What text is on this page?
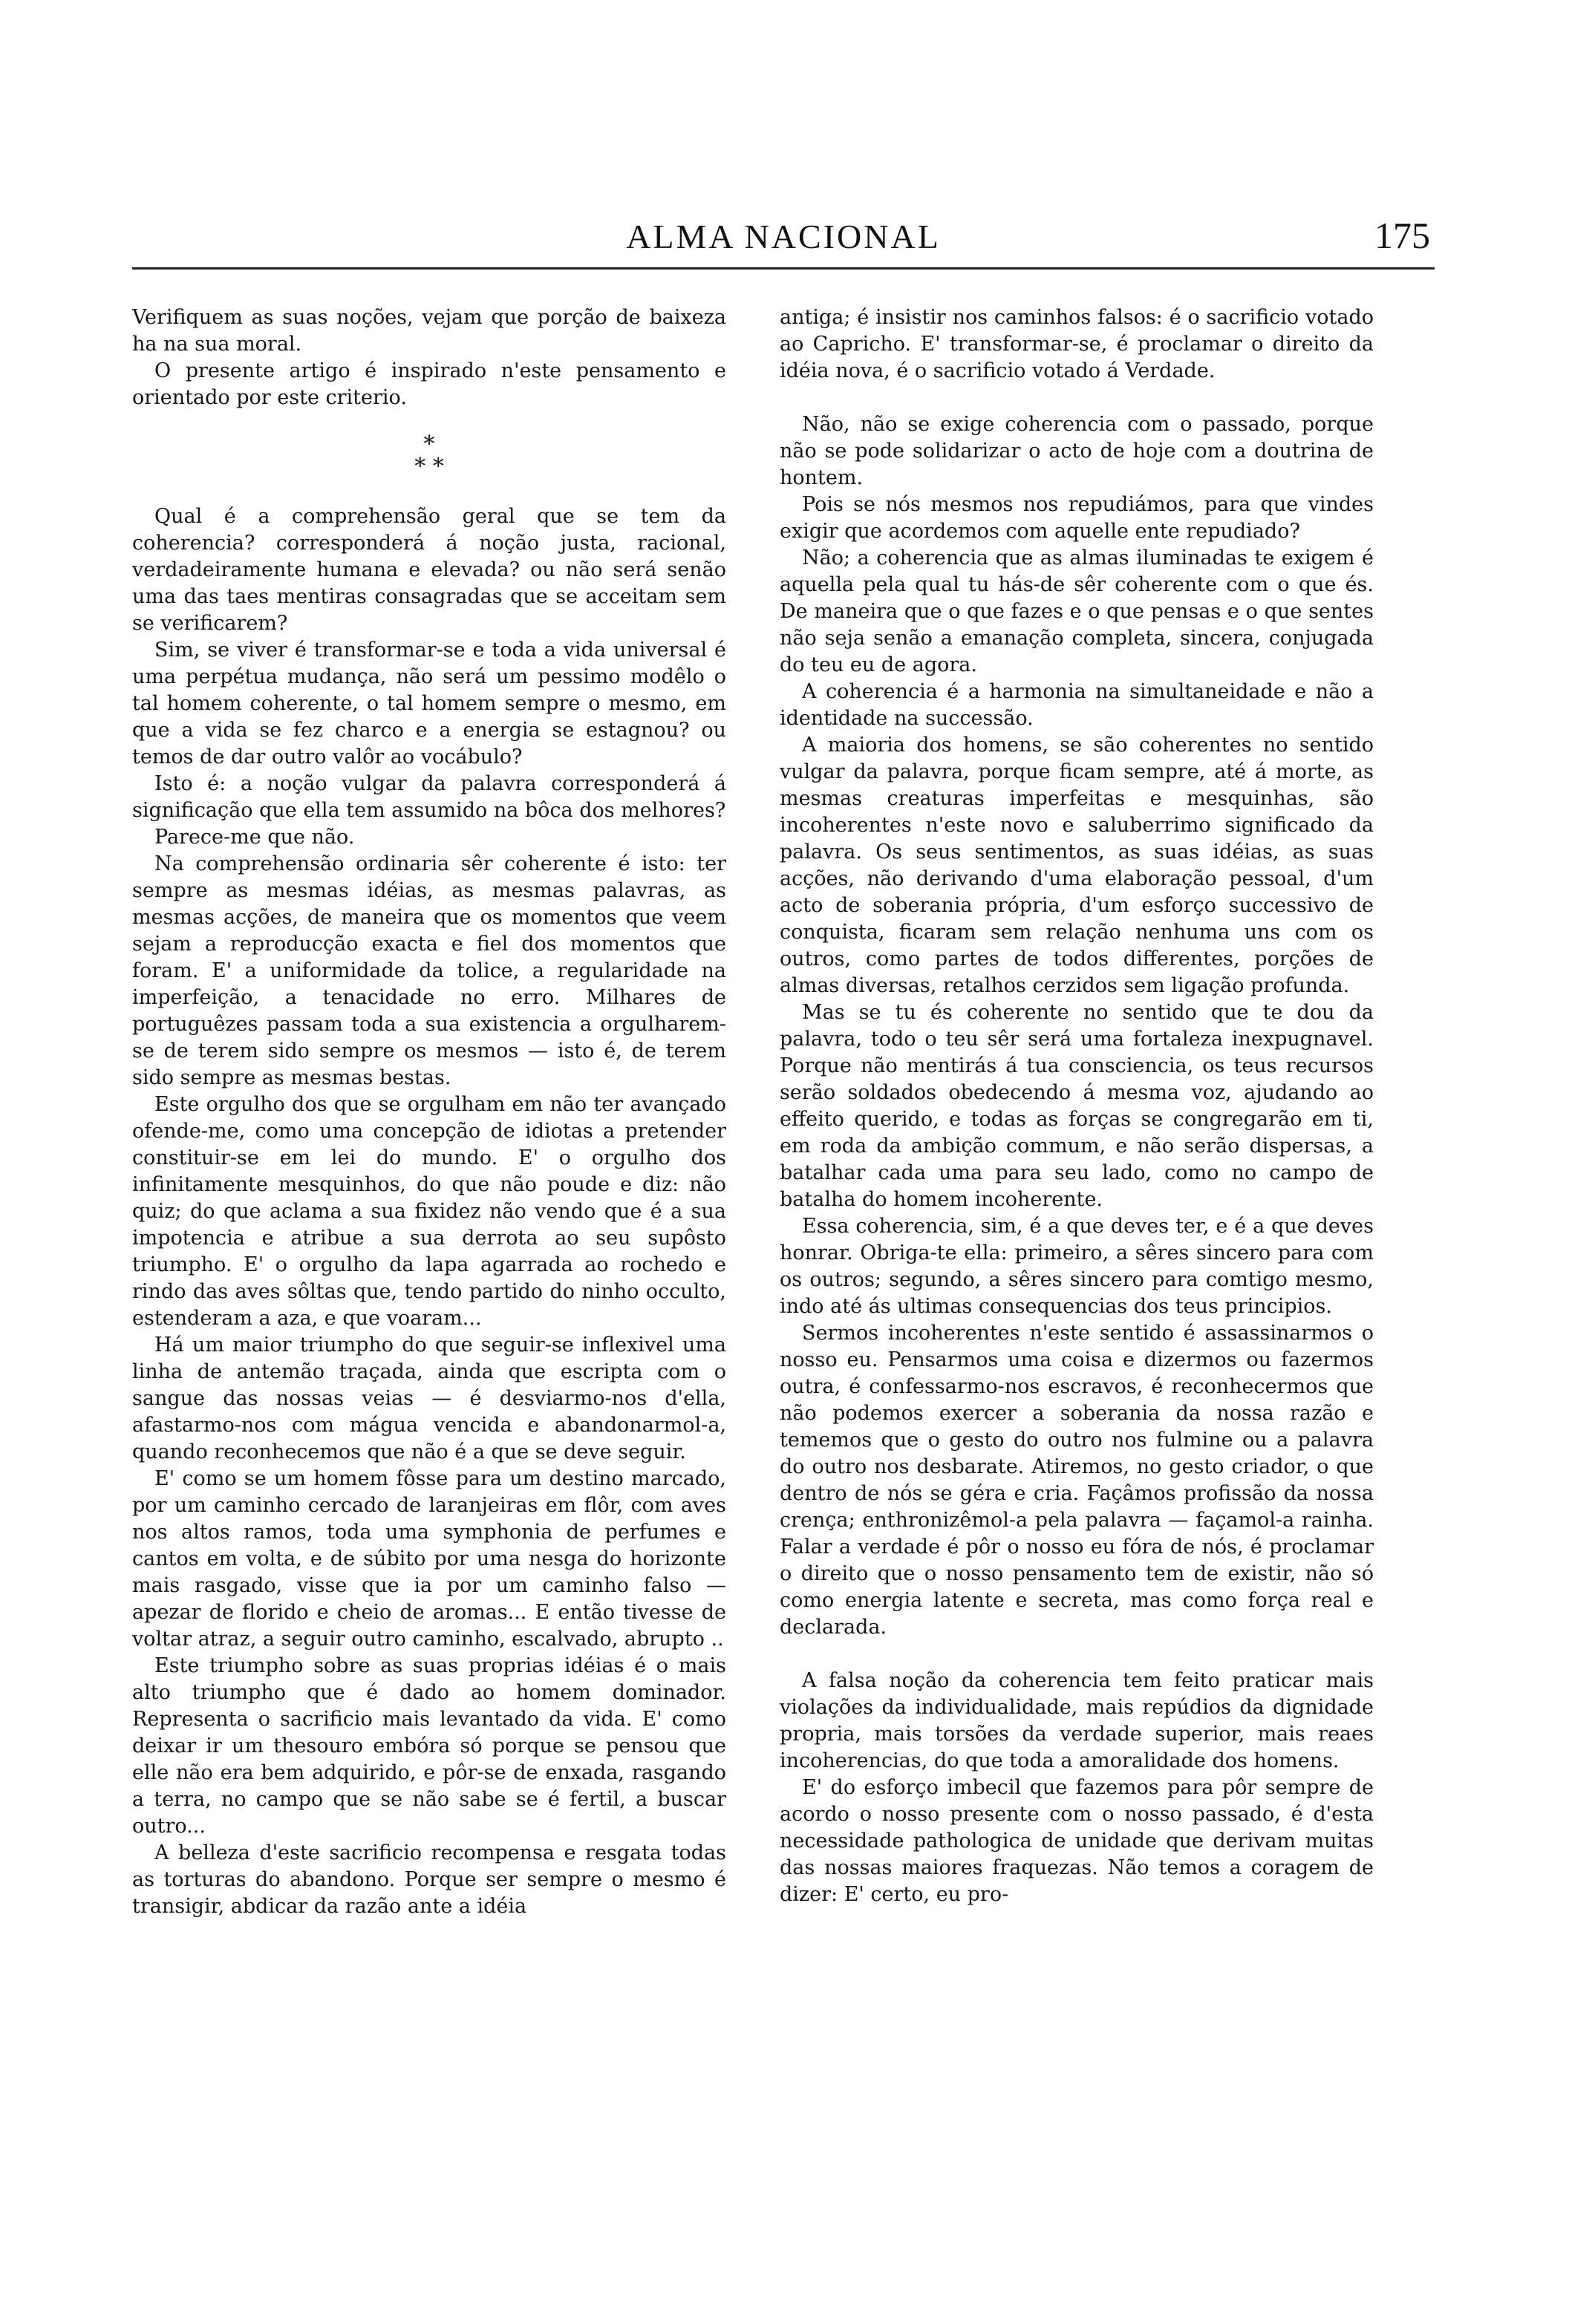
ALMA NACIONAL	175

Verifiquem as suas noções, vejam que porção de baixeza ha na sua moral.

O presente artigo é inspirado n'este pensamento e orientado por este criterio.

*
* *

Qual é a comprehensão geral que se tem da coherencia? corresponderá á noção justa, racional, verdadeiramente humana e elevada? ou não será senão uma das taes mentiras consagradas que se acceitam sem se verificarem?

Sim, se viver é transformar-se e toda a vida universal é uma perpétua mudança, não será um pessimo modêlo o tal homem coherente, o tal homem sempre o mesmo, em que a vida se fez charco e a energia se estagnou? ou temos de dar outro valôr ao vocábulo?

Isto é: a noção vulgar da palavra corresponderá á significação que ella tem assumido na bôca dos melhores?

Parece-me que não.

Na comprehensão ordinaria sêr coherente é isto: ter sempre as mesmas idéias, as mesmas palavras, as mesmas acções, de maneira que os momentos que veem sejam a reproducção exacta e fiel dos momentos que foram. E' a uniformidade da tolice, a regularidade na imperfeição, a tenacidade no erro. Milhares de portuguêzes passam toda a sua existencia a orgulharem-se de terem sido sempre os mesmos — isto é, de terem sido sempre as mesmas bestas.

Este orgulho dos que se orgulham em não ter avançado ofende-me, como uma concepção de idiotas a pretender constituir-se em lei do mundo. E' o orgulho dos infinitamente mesquinhos, do que não poude e diz: não quiz; do que aclama a sua fixidez não vendo que é a sua impotencia e atribue a sua derrota ao seu supôsto triumpho. E' o orgulho da lapa agarrada ao rochedo e rindo das aves sôltas que, tendo partido do ninho occulto, estenderam a aza, e que voaram...

Há um maior triumpho do que seguir-se inflexivel uma linha de antemão traçada, ainda que escripta com o sangue das nossas veias — é desviarmo-nos d'ella, afastarmo-nos com mágua vencida e abandonarmol-a, quando reconhecemos que não é a que se deve seguir.

E' como se um homem fôsse para um destino marcado, por um caminho cercado de laranjeiras em flôr, com aves nos altos ramos, toda uma symphonia de perfumes e cantos em volta, e de súbito por uma nesga do horizonte mais rasgado, visse que ia por um caminho falso — apezar de florido e cheio de aromas... E então tivesse de voltar atraz, a seguir outro caminho, escalvado, abrupto ..

Este triumpho sobre as suas proprias idéias é o mais alto triumpho que é dado ao homem dominador. Representa o sacrificio mais levantado da vida. E' como deixar ir um thesouro embóra só porque se pensou que elle não era bem adquirido, e pôr-se de enxada, rasgando a terra, no campo que se não sabe se é fertil, a buscar outro...

A belleza d'este sacrificio recompensa e resgata todas as torturas do abandono. Porque ser sempre o mesmo é transigir, abdicar da razão ante a idéia

antiga; é insistir nos caminhos falsos: é o sacrificio votado ao Capricho. E' transformar-se, é proclamar o direito da idéia nova, é o sacrificio votado á Verdade.

Não, não se exige coherencia com o passado, porque não se pode solidarizar o acto de hoje com a doutrina de hontem.

Pois se nós mesmos nos repudiámos, para que vindes exigir que acordemos com aquelle ente repudiado?

Não; a coherencia que as almas iluminadas te exigem é aquella pela qual tu hás-de sêr coherente com o que és. De maneira que o que fazes e o que pensas e o que sentes não seja senão a emanação completa, sincera, conjugada do teu eu de agora.

A coherencia é a harmonia na simultaneidade e não a identidade na successão.

A maioria dos homens, se são coherentes no sentido vulgar da palavra, porque ficam sempre, até á morte, as mesmas creaturas imperfeitas e mesquinhas, são incoherentes n'este novo e saluberrimo significado da palavra. Os seus sentimentos, as suas idéias, as suas acções, não derivando d'uma elaboração pessoal, d'um acto de soberania própria, d'um esforço successivo de conquista, ficaram sem relação nenhuma uns com os outros, como partes de todos differentes, porções de almas diversas, retalhos cerzidos sem ligação profunda.

Mas se tu és coherente no sentido que te dou da palavra, todo o teu sêr será uma fortaleza inexpugnavel. Porque não mentirás á tua consciencia, os teus recursos serão soldados obedecendo á mesma voz, ajudando ao effeito querido, e todas as forças se congregarão em ti, em roda da ambição commum, e não serão dispersas, a batalhar cada uma para seu lado, como no campo de batalha do homem incoherente.

Essa coherencia, sim, é a que deves ter, e é a que deves honrar. Obriga-te ella: primeiro, a sêres sincero para com os outros; segundo, a sêres sincero para comtigo mesmo, indo até ás ultimas consequencias dos teus principios.

Sermos incoherentes n'este sentido é assassinarmos o nosso eu. Pensarmos uma coisa e dizermos ou fazermos outra, é confessarmo-nos escravos, é reconhecermos que não podemos exercer a soberania da nossa razão e tememos que o gesto do outro nos fulmine ou a palavra do outro nos desbarate. Atiremos, no gesto criador, o que dentro de nós se géra e cria. Façâmos profissão da nossa crença; enthronizêmol-a pela palavra — façamol-a rainha. Falar a verdade é pôr o nosso eu fóra de nós, é proclamar o direito que o nosso pensamento tem de existir, não só como energia latente e secreta, mas como força real e declarada.

A falsa noção da coherencia tem feito praticar mais violações da individualidade, mais repúdios da dignidade propria, mais torsões da verdade superior, mais reaes incoherencias, do que toda a amoralidade dos homens.

E' do esforço imbecil que fazemos para pôr sempre de acordo o nosso presente com o nosso passado, é d'esta necessidade pathologica de unidade que derivam muitas das nossas maiores fraquezas. Não temos a coragem de dizer: E' certo, eu pro-
